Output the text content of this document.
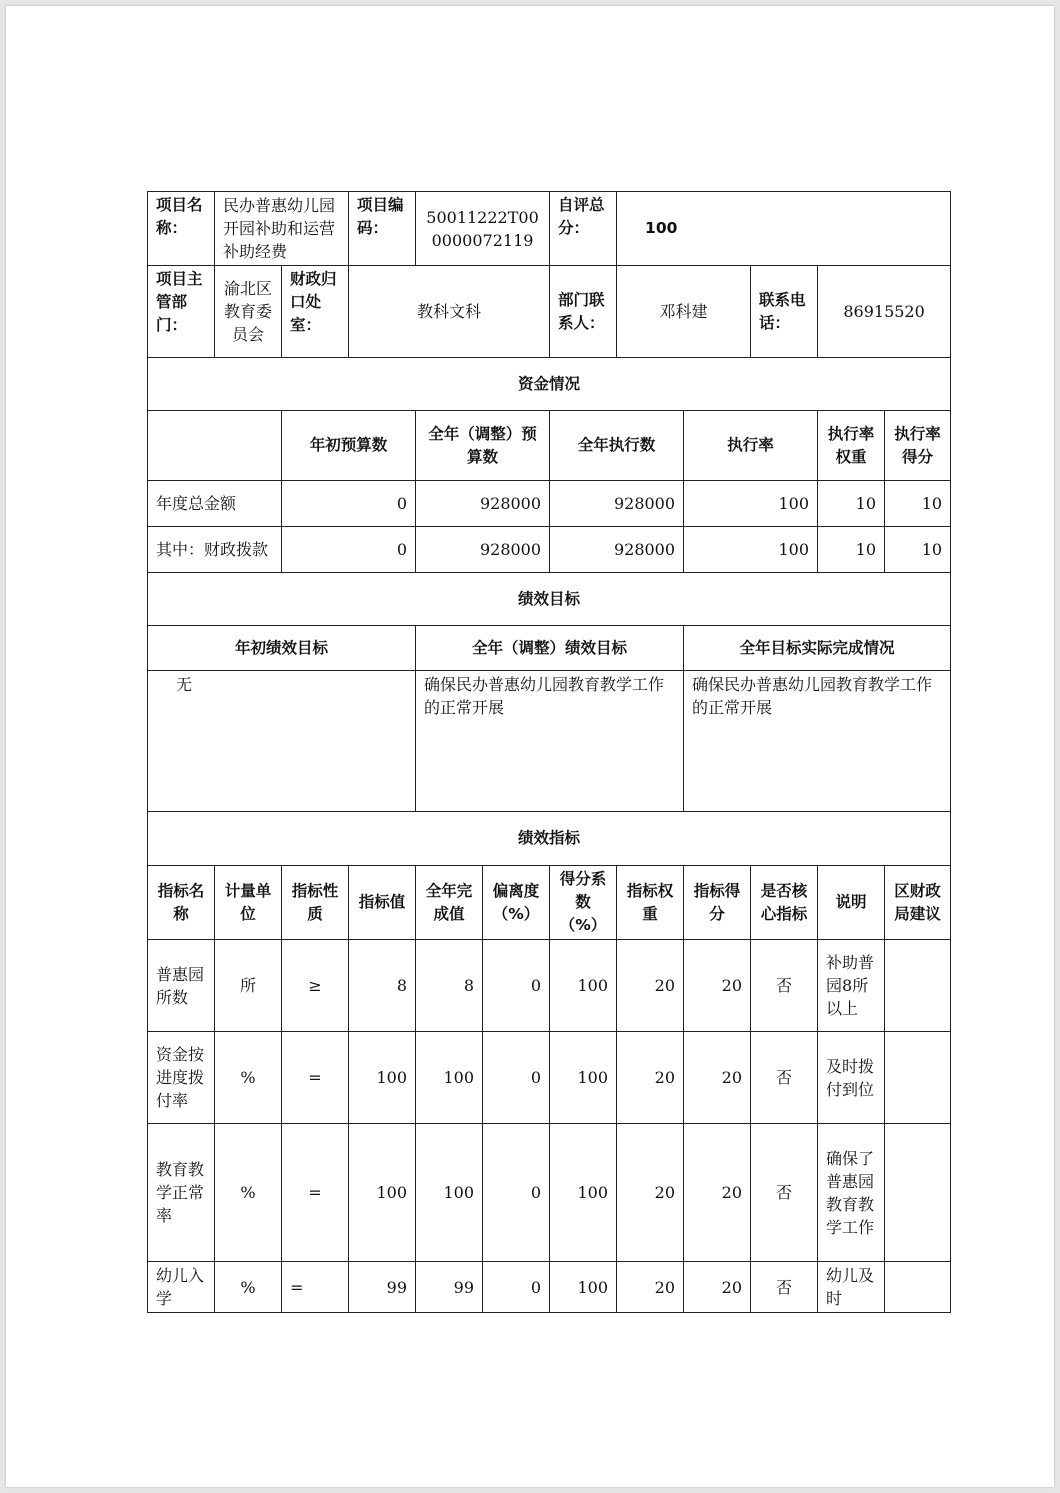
项目名称：	民办普惠幼儿园开园补助和运营补助经费		项目编码：	50011222T000000072119		自评总分：	100				
项目主管部门：	渝北区教育委员会	财政归口处室：	教科文科			部门联系人：	邓科建		联系电话：	86915520	
资金情况											
		年初预算数		全年（调整）预算数		全年执行数		执行率		执行率权重	执行率得分
年度总金额		0		928000		928000		100		10	10
其中：财政拨款		0		928000		928000		100		10	10
绩效目标											
年初绩效目标				全年（调整）绩效目标				全年目标实际完成情况			
无				确保民办普惠幼儿园教育教学工作的正常开展				确保民办普惠幼儿园教育教学工作的正常开展			
绩效指标											
指标名称	计量单位	指标性质	指标值	全年完成值	偏离度（%）	得分系数（%）	指标权重	指标得分	是否核心指标	说明	区财政局建议
普惠园所数	所	≥	8	8	0	100	20	20	否	补助普园8所以上	
资金按进度拨付率	%	=	100	100	0	100	20	20	否	及时拨付到位	
教育教学正常率	%	=	100	100	0	100	20	20	否	确保了普惠园教育教学工作	
幼儿入学	%	=	99	99	0	100	20	20	否	幼儿及时	
